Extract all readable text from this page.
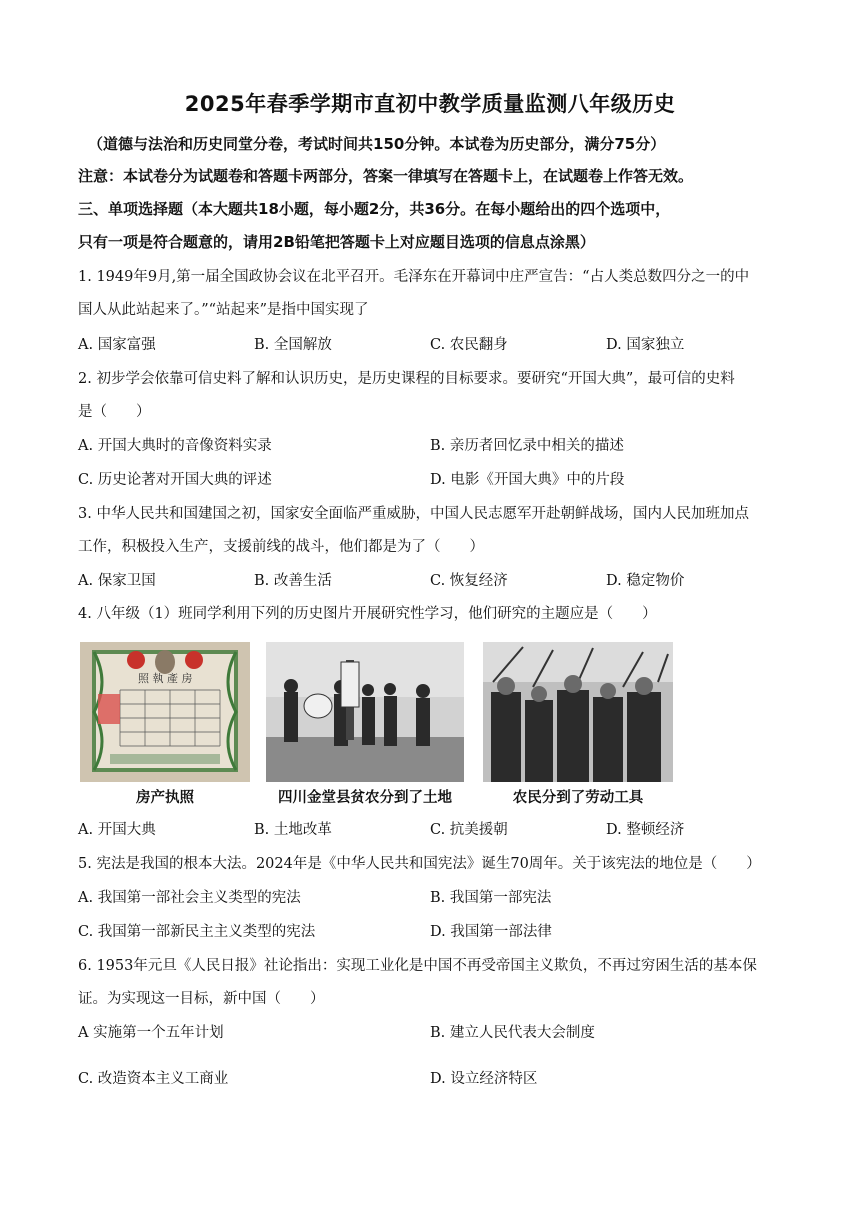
2025年春季学期市直初中教学质量监测八年级历史
（道德与法治和历史同堂分卷，考试时间共150分钟。本试卷为历史部分，满分75分）
注意：本试卷分为试题卷和答题卡两部分，答案一律填写在答题卡上，在试题卷上作答无效。
三、单项选择题（本大题共18小题，每小题2分，共36分。在每小题给出的四个选项中，
只有一项是符合题意的，请用2B铅笔把答题卡上对应题目选项的信息点涂黑）
1. 1949年9月,第一届全国政协会议在北平召开。毛泽东在开幕词中庄严宣告：“占人类总数四分之一的中
国人从此站起来了。”“站起来”是指中国实现了
A. 国家富强	B. 全国解放	C. 农民翻身	D. 国家独立
2. 初步学会依靠可信史料了解和认识历史，是历史课程的目标要求。要研究“开国大典”，最可信的史料
是（　　）
A. 开国大典时的音像资料实录	B. 亲历者回忆录中相关的描述
C. 历史论著对开国大典的评述	D. 电影《开国大典》中的片段
3. 中华人民共和国建国之初，国家安全面临严重威胁，中国人民志愿军开赴朝鲜战场，国内人民加班加点
工作，积极投入生产，支援前线的战斗，他们都是为了（　　）
A. 保家卫国	B. 改善生活	C. 恢复经济	D. 稳定物价
4. 八年级（1）班同学利用下列的历史图片开展研究性学习，他们研究的主题应是（　　）
照 執 產 房
房产执照	四川金堂县贫农分到了土地	农民分到了劳动工具
A. 开国大典	B. 土地改革	C. 抗美援朝	D. 整顿经济
5. 宪法是我国的根本大法。2024年是《中华人民共和国宪法》诞生70周年。关于该宪法的地位是（　　）
A. 我国第一部社会主义类型的宪法	B. 我国第一部宪法
C. 我国第一部新民主主义类型的宪法	D. 我国第一部法律
6. 1953年元旦《人民日报》社论指出：实现工业化是中国不再受帝国主义欺负，不再过穷困生活的基本保
证。为实现这一目标，新中国（　　）
A 实施第一个五年计划	B. 建立人民代表大会制度
C. 改造资本主义工商业	D. 设立经济特区
